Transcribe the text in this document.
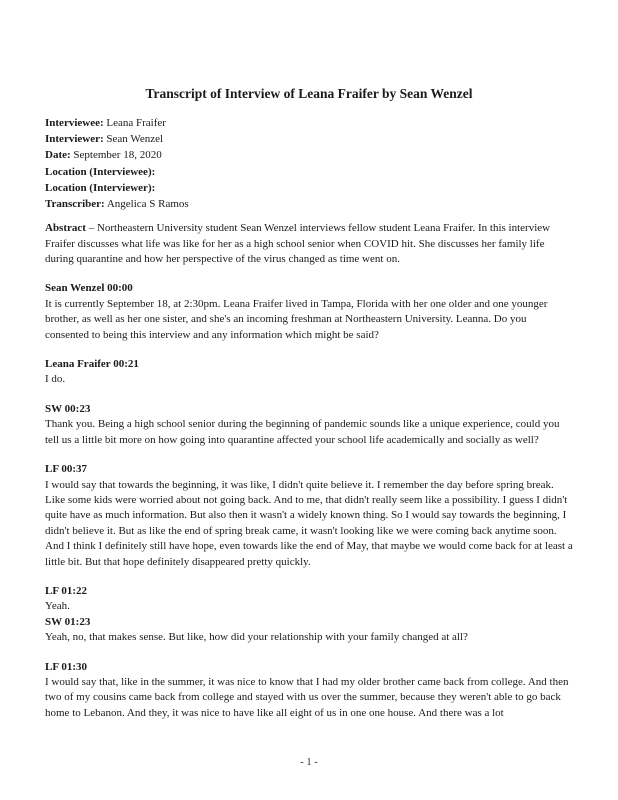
Transcript of Interview of Leana Fraifer by Sean Wenzel
Interviewee: Leana Fraifer
Interviewer: Sean Wenzel
Date: September 18, 2020
Location (Interviewee):
Location (Interviewer):
Transcriber: Angelica S Ramos

Abstract – Northeastern University student Sean Wenzel interviews fellow student Leana Fraifer. In this interview Fraifer discusses what life was like for her as a high school senior when COVID hit. She discusses her family life during quarantine and how her perspective of the virus changed as time went on.

Sean Wenzel 00:00

It is currently September 18, at 2:30pm. Leana Fraifer lived in Tampa, Florida with her one older and one younger brother, as well as her one sister, and she's an incoming freshman at Northeastern University. Leanna. Do you consented to being this interview and any information which might be said?

Leana Fraifer 00:21

I do.

SW 00:23

Thank you. Being a high school senior during the beginning of pandemic sounds like a unique experience, could you tell us a little bit more on how going into quarantine affected your school life academically and socially as well?

LF 00:37

I would say that towards the beginning, it was like, I didn't quite believe it. I remember the day before spring break. Like some kids were worried about not going back. And to me, that didn't really seem like a possibility. I guess I didn't quite have as much information. But also then it wasn't a widely known thing. So I would say towards the beginning, I didn't believe it. But as like the end of spring break came, it wasn't looking like we were coming back anytime soon. And I think I definitely still have hope, even towards like the end of May, that maybe we would come back for at least a little bit. But that hope definitely disappeared pretty quickly.

LF 01:22

Yeah.

SW 01:23

Yeah, no, that makes sense. But like, how did your relationship with your family changed at all?

LF 01:30

I would say that, like in the summer, it was nice to know that I had my older brother came back from college. And then two of my cousins came back from college and stayed with us over the summer, because they weren't able to go back home to Lebanon. And they, it was nice to have like all eight of us in one one house. And there was a lot

- 1 -
